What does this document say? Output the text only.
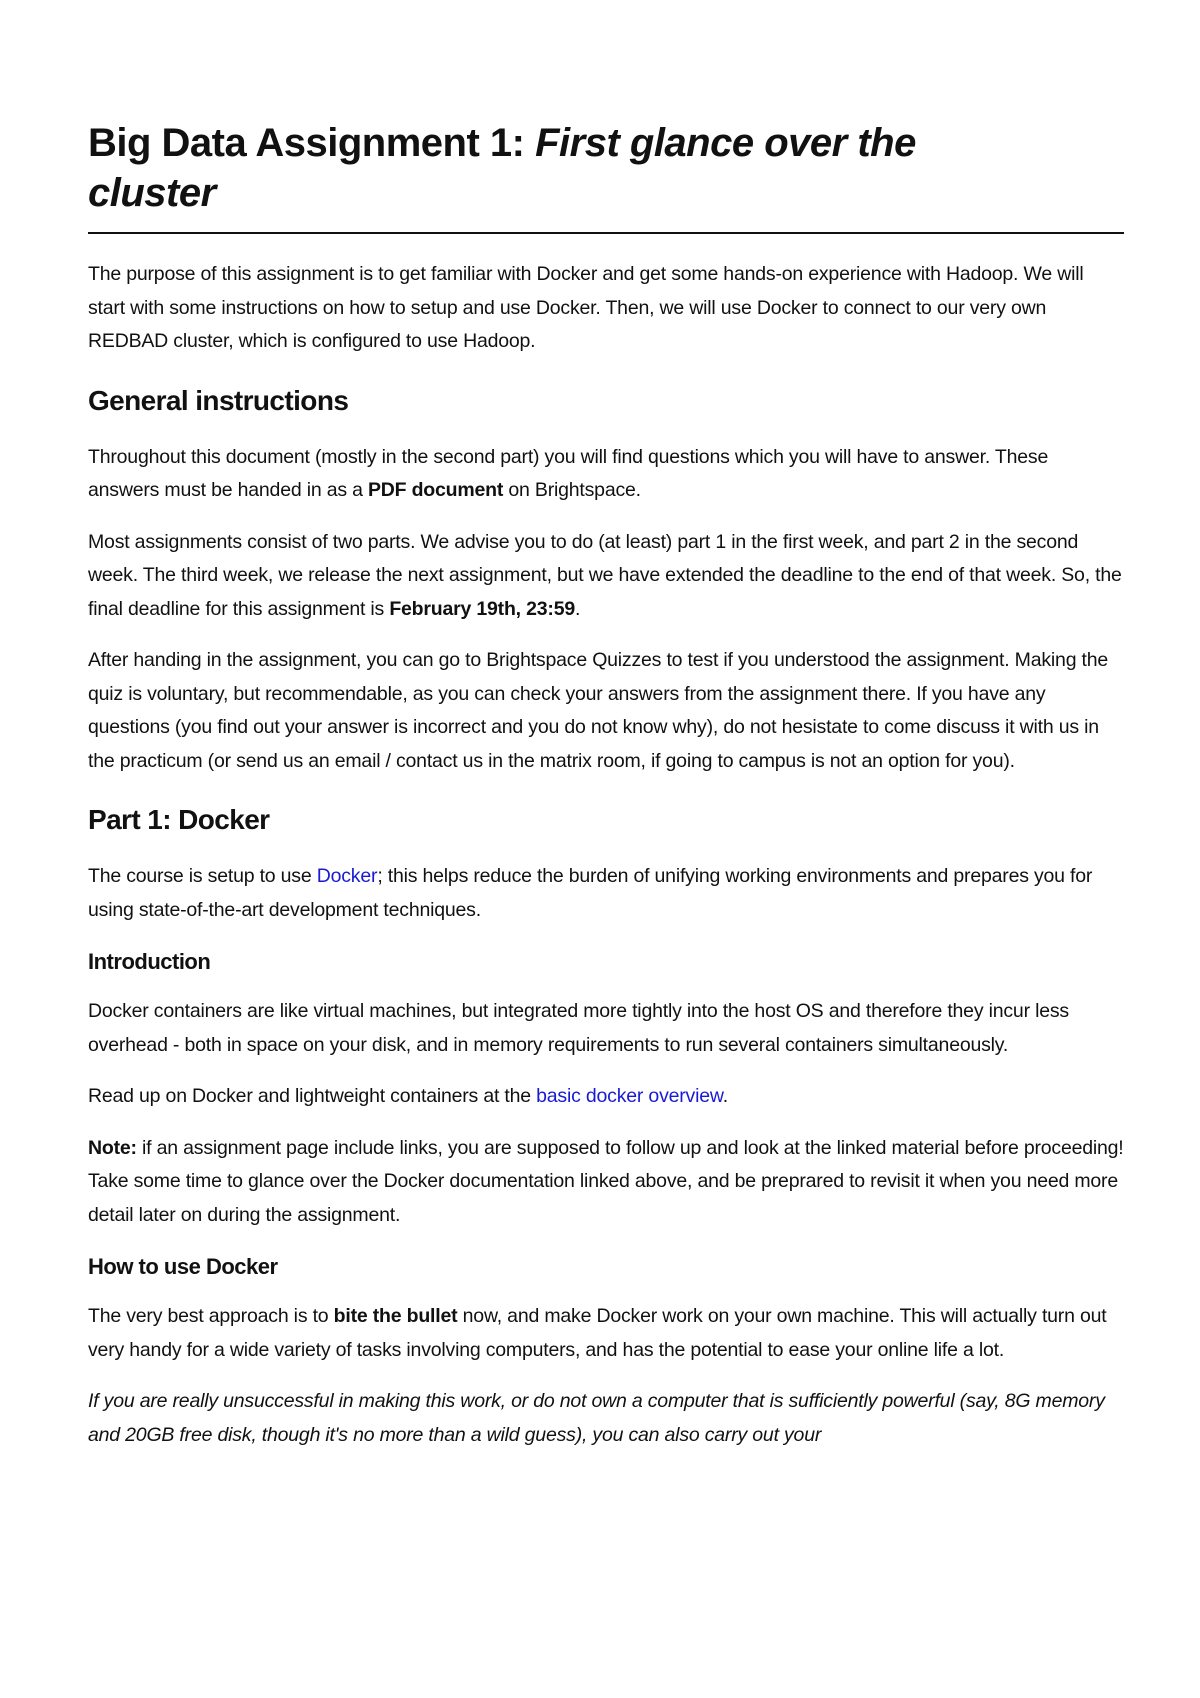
Big Data Assignment 1: First glance over the
cluster

The purpose of this assignment is to get familiar with Docker and get some hands-on experience with Hadoop. We will start with some instructions on how to setup and use Docker. Then, we will use Docker to connect to our very own REDBAD cluster, which is configured to use Hadoop.

General instructions

Throughout this document (mostly in the second part) you will find questions which you will have to answer. These answers must be handed in as a PDF document on Brightspace.

Most assignments consist of two parts. We advise you to do (at least) part 1 in the first week, and part 2 in the second week. The third week, we release the next assignment, but we have extended the deadline to the end of that week. So, the final deadline for this assignment is February 19th, 23:59.

After handing in the assignment, you can go to Brightspace Quizzes to test if you understood the assignment. Making the quiz is voluntary, but recommendable, as you can check your answers from the assignment there. If you have any questions (you find out your answer is incorrect and you do not know why), do not hesistate to come discuss it with us in the practicum (or send us an email / contact us in the matrix room, if going to campus is not an option for you).

Part 1: Docker

The course is setup to use Docker; this helps reduce the burden of unifying working environments and prepares you for using state-of-the-art development techniques.

Introduction

Docker containers are like virtual machines, but integrated more tightly into the host OS and therefore they incur less overhead - both in space on your disk, and in memory requirements to run several containers simultaneously.

Read up on Docker and lightweight containers at the basic docker overview.

Note: if an assignment page include links, you are supposed to follow up and look at the linked material before proceeding! Take some time to glance over the Docker documentation linked above, and be preprared to revisit it when you need more detail later on during the assignment.

How to use Docker

The very best approach is to bite the bullet now, and make Docker work on your own machine. This will actually turn out very handy for a wide variety of tasks involving computers, and has the potential to ease your online life a lot.

If you are really unsuccessful in making this work, or do not own a computer that is sufficiently powerful (say, 8G memory and 20GB free disk, though it's no more than a wild guess), you can also carry out your
